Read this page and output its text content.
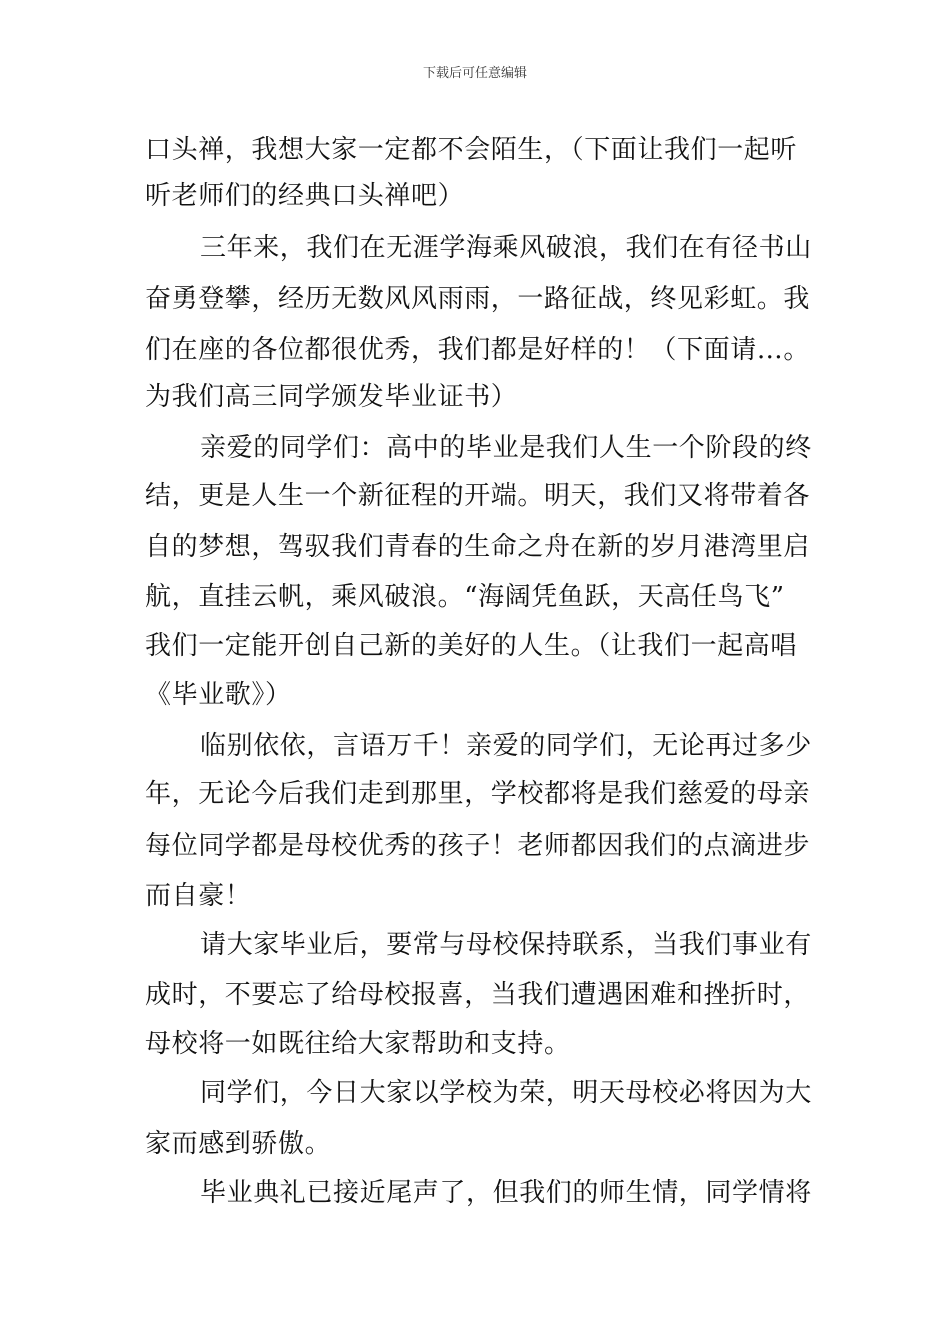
下载后可任意编辑
口头禅，我想大家一定都不会陌生，（下面让我们一起听
听老师们的经典口头禅吧）
三年来，我们在无涯学海乘风破浪，我们在有径书山
奋勇登攀，经历无数风风雨雨，一路征战，终见彩虹。我
们在座的各位都很优秀，我们都是好样的！（下面请…。
为我们高三同学颁发毕业证书）
亲爱的同学们：高中的毕业是我们人生一个阶段的终
结，更是人生一个新征程的开端。明天，我们又将带着各
自的梦想，驾驭我们青春的生命之舟在新的岁月港湾里启
航，直挂云帆，乘风破浪。“海阔凭鱼跃，天高任鸟飞”
我们一定能开创自己新的美好的人生。（让我们一起高唱
《毕业歌》）
临别依依，言语万千！亲爱的同学们，无论再过多少
年，无论今后我们走到那里，学校都将是我们慈爱的母亲
每位同学都是母校优秀的孩子！老师都因我们的点滴进步
而自豪！
请大家毕业后，要常与母校保持联系，当我们事业有
成时，不要忘了给母校报喜，当我们遭遇困难和挫折时，
母校将一如既往给大家帮助和支持。
同学们，今日大家以学校为荣，明天母校必将因为大
家而感到骄傲。
毕业典礼已接近尾声了，但我们的师生情，同学情将
